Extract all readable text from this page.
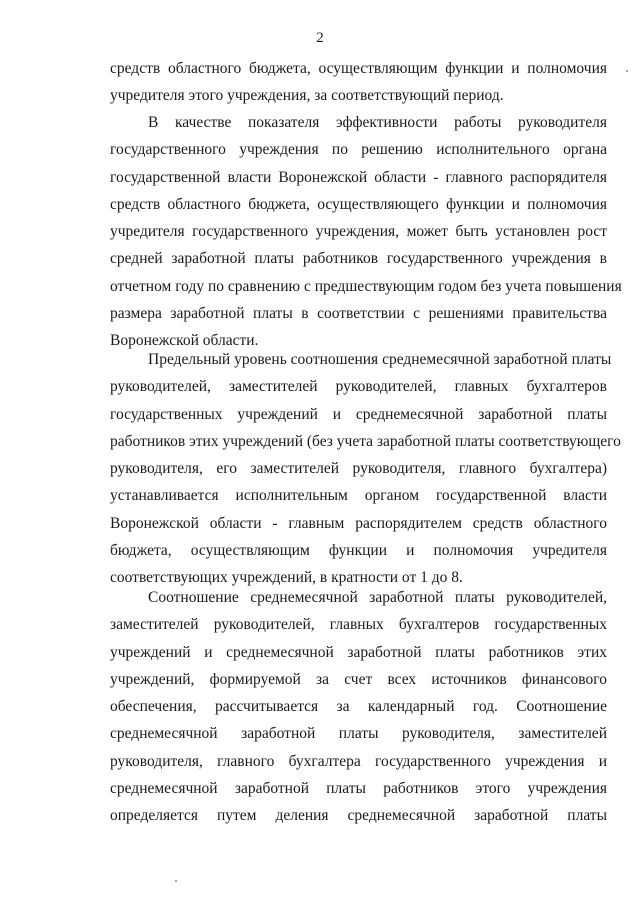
2
средств областного бюджета, осуществляющим функции и полномочия
учредителя этого учреждения, за соответствующий период.
В качестве показателя эффективности работы руководителя
государственного учреждения по решению исполнительного органа
государственной власти Воронежской области - главного распорядителя
средств областного бюджета, осуществляющего функции и полномочия
учредителя государственного учреждения, может быть установлен рост
средней заработной платы работников государственного учреждения в
отчетном году по сравнению с предшествующим годом без учета повышения
размера заработной платы в соответствии с решениями правительства
Воронежской области.
Предельный уровень соотношения среднемесячной заработной платы
руководителей, заместителей руководителей, главных бухгалтеров
государственных учреждений и среднемесячной заработной платы
работников этих учреждений (без учета заработной платы соответствующего
руководителя, его заместителей руководителя, главного бухгалтера)
устанавливается исполнительным органом государственной власти
Воронежской области - главным распорядителем средств областного
бюджета, осуществляющим функции и полномочия учредителя
соответствующих учреждений, в кратности от 1 до 8.
Соотношение среднемесячной заработной платы руководителей,
заместителей руководителей, главных бухгалтеров государственных
учреждений и среднемесячной заработной платы работников этих
учреждений, формируемой за счет всех источников финансового
обеспечения, рассчитывается за календарный год. Соотношение
среднемесячной заработной платы руководителя, заместителей
руководителя, главного бухгалтера государственного учреждения и
среднемесячной заработной платы работников этого учреждения
определяется путем деления среднемесячной заработной платы
